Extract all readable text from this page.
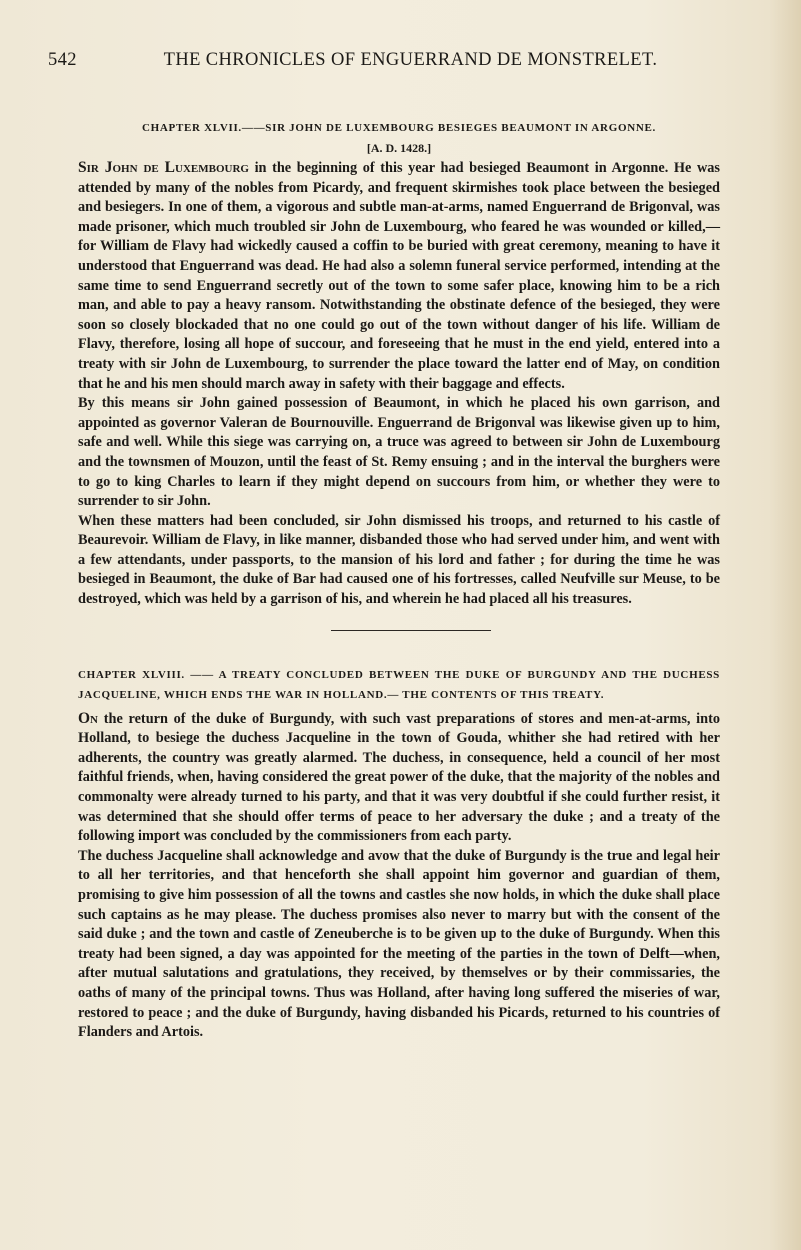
542	THE CHRONICLES OF ENGUERRAND DE MONSTRELET.

CHAPTER XLVII.——SIR JOHN DE LUXEMBOURG BESIEGES BEAUMONT IN ARGONNE.

[A. D. 1428.]

Sir John de Luxembourg in the beginning of this year had besieged Beaumont in Argonne. He was attended by many of the nobles from Picardy, and frequent skirmishes took place between the besieged and besiegers. In one of them, a vigorous and subtle man-at-arms, named Enguerrand de Brigonval, was made prisoner, which much troubled sir John de Luxembourg, who feared he was wounded or killed,—for William de Flavy had wickedly caused a coffin to be buried with great ceremony, meaning to have it understood that Enguerrand was dead. He had also a solemn funeral service performed, intending at the same time to send Enguerrand secretly out of the town to some safer place, knowing him to be a rich man, and able to pay a heavy ransom. Notwithstanding the obstinate defence of the besieged, they were soon so closely blockaded that no one could go out of the town without danger of his life. William de Flavy, therefore, losing all hope of succour, and foreseeing that he must in the end yield, entered into a treaty with sir John de Luxembourg, to surrender the place toward the latter end of May, on condition that he and his men should march away in safety with their baggage and effects.

By this means sir John gained possession of Beaumont, in which he placed his own garrison, and appointed as governor Valeran de Bournouville. Enguerrand de Brigonval was likewise given up to him, safe and well. While this siege was carrying on, a truce was agreed to between sir John de Luxembourg and the townsmen of Mouzon, until the feast of St. Remy ensuing ; and in the interval the burghers were to go to king Charles to learn if they might depend on succours from him, or whether they were to surrender to sir John.

When these matters had been concluded, sir John dismissed his troops, and returned to his castle of Beaurevoir. William de Flavy, in like manner, disbanded those who had served under him, and went with a few attendants, under passports, to the mansion of his lord and father ; for during the time he was besieged in Beaumont, the duke of Bar had caused one of his fortresses, called Neufville sur Meuse, to be destroyed, which was held by a garrison of his, and wherein he had placed all his treasures.

CHAPTER XLVIII. —— A TREATY CONCLUDED BETWEEN THE DUKE OF BURGUNDY AND THE DUCHESS JACQUELINE, WHICH ENDS THE WAR IN HOLLAND.— THE CONTENTS OF THIS TREATY.

On the return of the duke of Burgundy, with such vast preparations of stores and men-at-arms, into Holland, to besiege the duchess Jacqueline in the town of Gouda, whither she had retired with her adherents, the country was greatly alarmed. The duchess, in consequence, held a council of her most faithful friends, when, having considered the great power of the duke, that the majority of the nobles and commonalty were already turned to his party, and that it was very doubtful if she could further resist, it was determined that she should offer terms of peace to her adversary the duke ; and a treaty of the following import was concluded by the commissioners from each party.

The duchess Jacqueline shall acknowledge and avow that the duke of Burgundy is the true and legal heir to all her territories, and that henceforth she shall appoint him governor and guardian of them, promising to give him possession of all the towns and castles she now holds, in which the duke shall place such captains as he may please. The duchess promises also never to marry but with the consent of the said duke ; and the town and castle of Zeneuberche is to be given up to the duke of Burgundy. When this treaty had been signed, a day was appointed for the meeting of the parties in the town of Delft—when, after mutual salutations and gratulations, they received, by themselves or by their commissaries, the oaths of many of the principal towns. Thus was Holland, after having long suffered the miseries of war, restored to peace ; and the duke of Burgundy, having disbanded his Picards, returned to his countries of Flanders and Artois.
